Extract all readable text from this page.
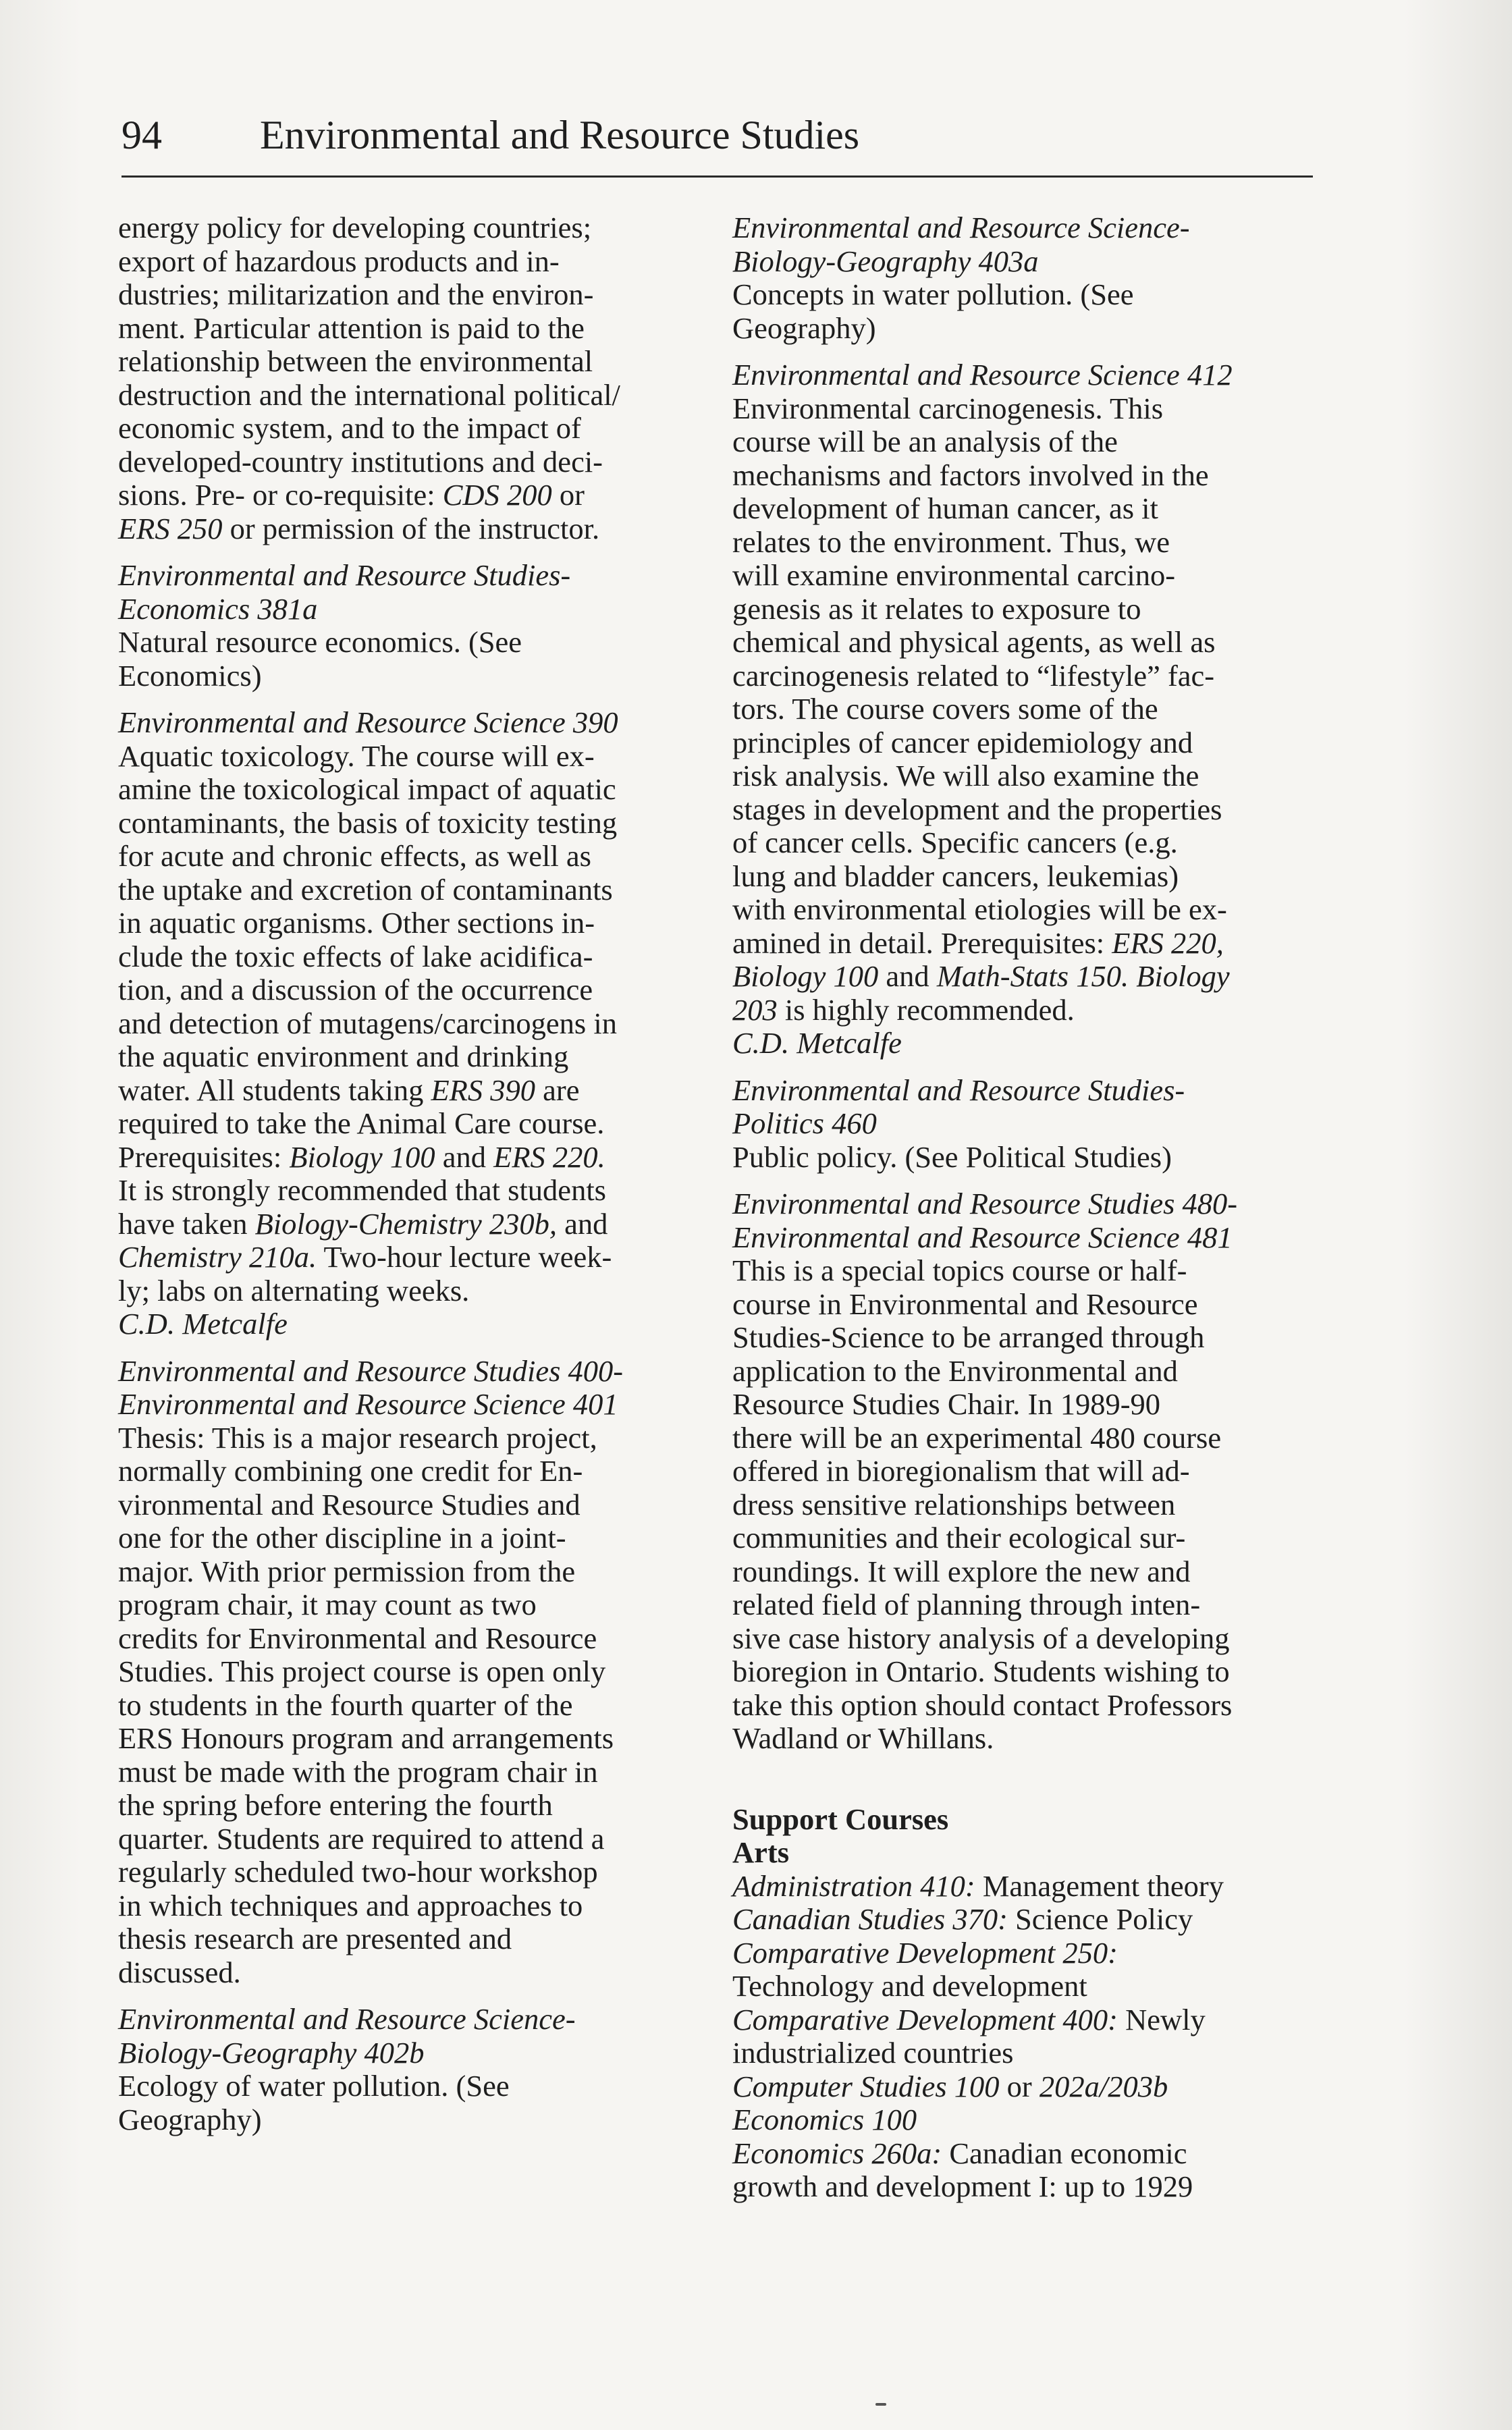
94 Environmental and Resource Studies

energy policy for developing countries;

export of hazardous products and in-

dustries; militarization and the environ-

ment. Particular attention is paid to the

relationship between the environmental

destruction and the international political/

economic system, and to the impact of

developed-country institutions and deci-

sions. Pre- or co-requisite: CDS 200 or

ERS 250 or permission of the instructor.

Environmental and Resource Studies-

Economics 381a

Natural resource economics. (See

Economics)

Environmental and Resource Science 390

Aquatic toxicology. The course will ex-

amine the toxicological impact of aquatic

contaminants, the basis of toxicity testing

for acute and chronic effects, as well as

the uptake and excretion of contaminants

in aquatic organisms. Other sections in-

clude the toxic effects of lake acidifica-

tion, and a discussion of the occurrence

and detection of mutagens/carcinogens in

the aquatic environment and drinking

water. All students taking ERS 390 are

required to take the Animal Care course.

Prerequisites: Biology 100 and ERS 220.

It is strongly recommended that students

have taken Biology-Chemistry 230b, and

Chemistry 210a. Two-hour lecture week-

ly; labs on alternating weeks.

C.D. Metcalfe

Environmental and Resource Studies 400-

Environmental and Resource Science 401

Thesis: This is a major research project,

normally combining one credit for En-

vironmental and Resource Studies and

one for the other discipline in a joint-

major. With prior permission from the

program chair, it may count as two

credits for Environmental and Resource

Studies. This project course is open only

to students in the fourth quarter of the

ERS Honours program and arrangements

must be made with the program chair in

the spring before entering the fourth

quarter. Students are required to attend a

regularly scheduled two-hour workshop

in which techniques and approaches to

thesis research are presented and

discussed.

Environmental and Resource Science-

Biology-Geography 402b

Ecology of water pollution. (See

Geography)

Environmental and Resource Science-

Biology-Geography 403a

Concepts in water pollution. (See

Geography)

Environmental and Resource Science 412

Environmental carcinogenesis. This

course will be an analysis of the

mechanisms and factors involved in the

development of human cancer, as it

relates to the environment. Thus, we

will examine environmental carcino-

genesis as it relates to exposure to

chemical and physical agents, as well as

carcinogenesis related to “lifestyle” fac-

tors. The course covers some of the

principles of cancer epidemiology and

risk analysis. We will also examine the

stages in development and the properties

of cancer cells. Specific cancers (e.g.

lung and bladder cancers, leukemias)

with environmental etiologies will be ex-

amined in detail. Prerequisites: ERS 220,

Biology 100 and Math-Stats 150. Biology

203 is highly recommended.

C.D. Metcalfe

Environmental and Resource Studies-

Politics 460

Public policy. (See Political Studies)

Environmental and Resource Studies 480-

Environmental and Resource Science 481

This is a special topics course or half-

course in Environmental and Resource

Studies-Science to be arranged through

application to the Environmental and

Resource Studies Chair. In 1989-90

there will be an experimental 480 course

offered in bioregionalism that will ad-

dress sensitive relationships between

communities and their ecological sur-

roundings. It will explore the new and

related field of planning through inten-

sive case history analysis of a developing

bioregion in Ontario. Students wishing to

take this option should contact Professors

Wadland or Whillans.

Support Courses

Arts

Administration 410: Management theory

Canadian Studies 370: Science Policy

Comparative Development 250:

Technology and development

Comparative Development 400: Newly

industrialized countries

Computer Studies 100 or 202a/203b

Economics 100

Economics 260a: Canadian economic

growth and development I: up to 1929
